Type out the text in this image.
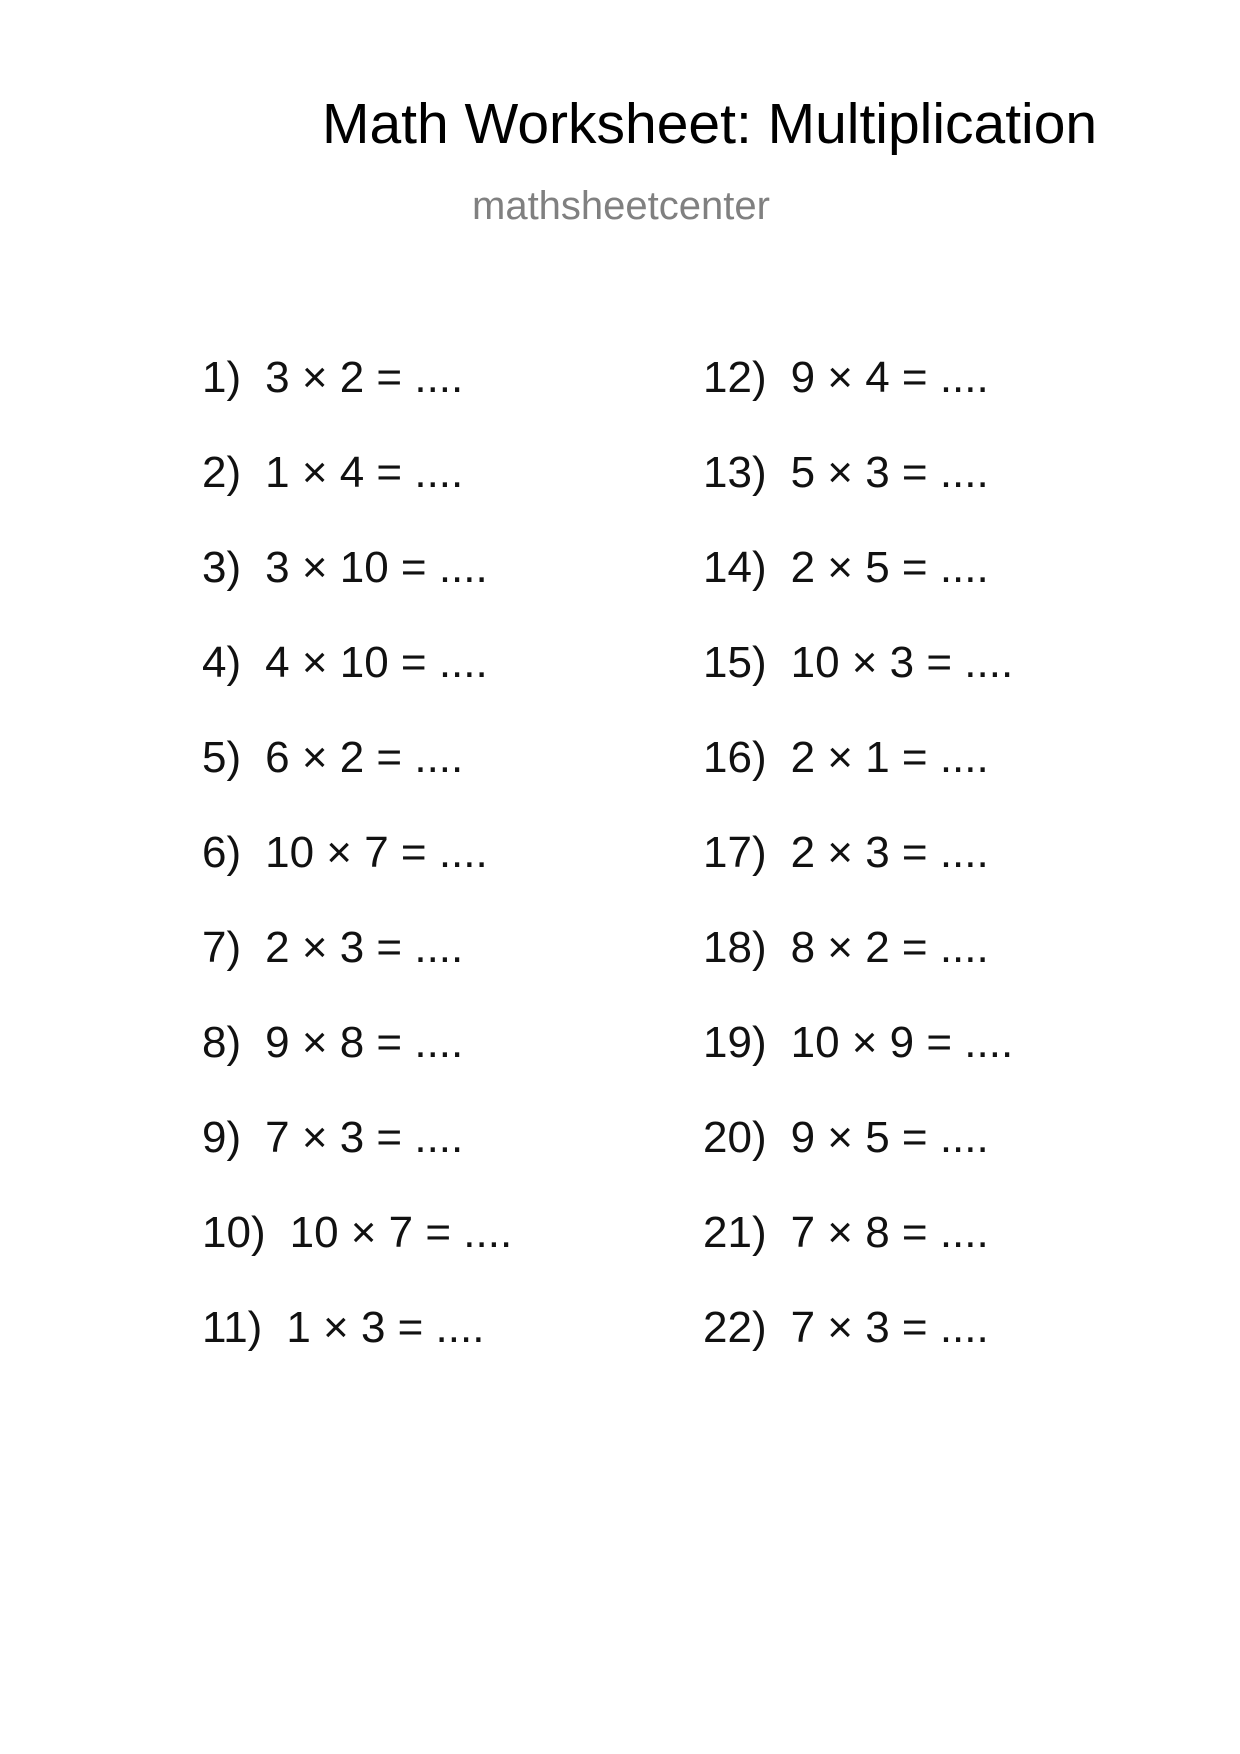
Math Worksheet: Multiplication
mathsheetcenter
1) 3 × 2 = ....
2) 1 × 4 = ....
3) 3 × 10 = ....
4) 4 × 10 = ....
5) 6 × 2 = ....
6) 10 × 7 = ....
7) 2 × 3 = ....
8) 9 × 8 = ....
9) 7 × 3 = ....
10) 10 × 7 = ....
11) 1 × 3 = ....
12) 9 × 4 = ....
13) 5 × 3 = ....
14) 2 × 5 = ....
15) 10 × 3 = ....
16) 2 × 1 = ....
17) 2 × 3 = ....
18) 8 × 2 = ....
19) 10 × 9 = ....
20) 9 × 5 = ....
21) 7 × 8 = ....
22) 7 × 3 = ....
